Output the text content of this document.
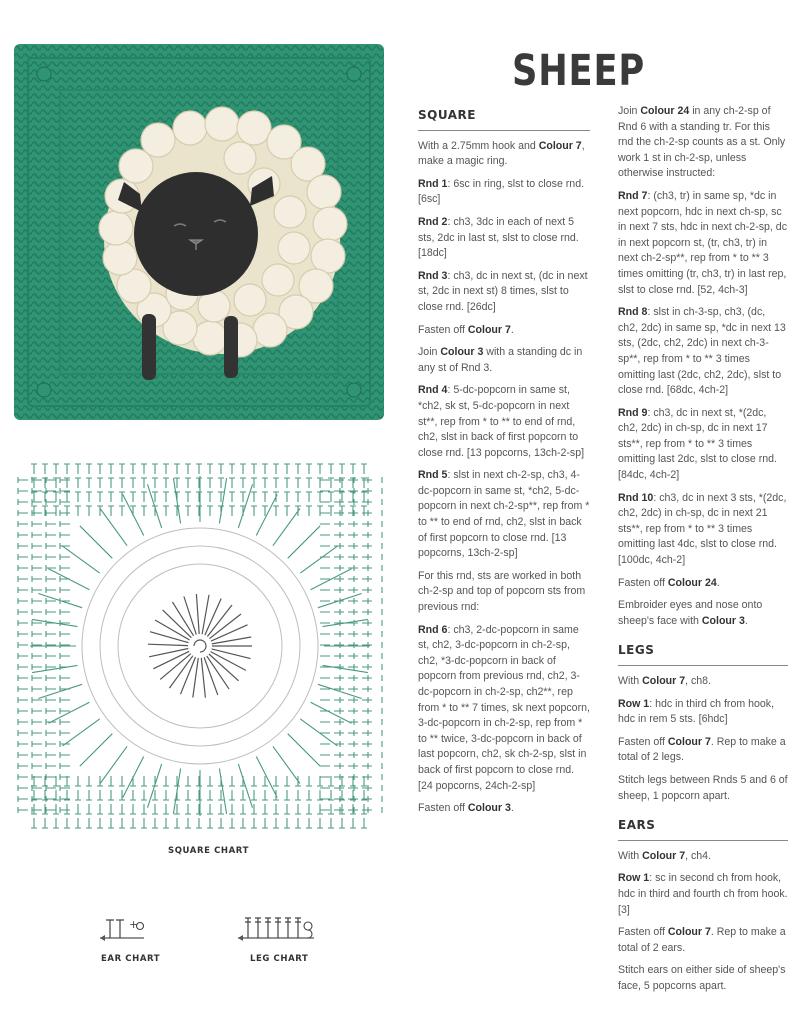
SQUARE CHART
+
EAR CHART	LEG CHART
SHEEP
SQUARE

With a 2.75mm hook and Colour 7, make a magic ring.

Rnd 1: 6sc in ring, slst to close rnd. [6sc]

Rnd 2: ch3, 3dc in each of next 5 sts, 2dc in last st, slst to close rnd. [18dc]

Rnd 3: ch3, dc in next st, (dc in next st, 2dc in next st) 8 times, slst to close rnd. [26dc]

Fasten off Colour 7.

Join Colour 3 with a standing dc in any st of Rnd 3.

Rnd 4: 5-dc-popcorn in same st, *ch2, sk st, 5-dc-popcorn in next st**, rep from * to ** to end of rnd, ch2, slst in back of first popcorn to close rnd. [13 popcorns, 13ch-2-sp]

Rnd 5: slst in next ch-2-sp, ch3, 4-dc-popcorn in same st, *ch2, 5-dc-popcorn in next ch-2-sp**, rep from * to ** to end of rnd, ch2, slst in back of first popcorn to close rnd. [13 popcorns, 13ch-2-sp]

For this rnd, sts are worked in both ch-2-sp and top of popcorn sts from previous rnd:

Rnd 6: ch3, 2-dc-popcorn in same st, ch2, 3-dc-popcorn in ch-2-sp, ch2, *3-dc-popcorn in back of popcorn from previous rnd, ch2, 3-dc-popcorn in ch-2-sp, ch2**, rep from * to ** 7 times, sk next popcorn, 3-dc-popcorn in ch-2-sp, rep from * to ** twice, 3-dc-popcorn in back of last popcorn, ch2, sk ch-2-sp, slst in back of first popcorn to close rnd. [24 popcorns, 24ch-2-sp]

Fasten off Colour 3.

Join Colour 24 in any ch-2-sp of Rnd 6 with a standing tr. For this rnd the ch-2-sp counts as a st. Only work 1 st in ch-2-sp, unless otherwise instructed:

Rnd 7: (ch3, tr) in same sp, *dc in next popcorn, hdc in next ch-sp, sc in next 7 sts, hdc in next ch-2-sp, dc in next popcorn st, (tr, ch3, tr) in next ch-2-sp**, rep from * to ** 3 times omitting (tr, ch3, tr) in last rep, slst to close rnd. [52, 4ch-3]

Rnd 8: slst in ch-3-sp, ch3, (dc, ch2, 2dc) in same sp, *dc in next 13 sts, (2dc, ch2, 2dc) in next ch-3-sp**, rep from * to ** 3 times omitting last (2dc, ch2, 2dc), slst to close rnd. [68dc, 4ch-2]

Rnd 9: ch3, dc in next st, *(2dc, ch2, 2dc) in ch-sp, dc in next 17 sts**, rep from * to ** 3 times omitting last 2dc, slst to close rnd. [84dc, 4ch-2]

Rnd 10: ch3, dc in next 3 sts, *(2dc, ch2, 2dc) in ch-sp, dc in next 21 sts**, rep from * to ** 3 times omitting last 4dc, slst to close rnd. [100dc, 4ch-2]

Fasten off Colour 24.

Embroider eyes and nose onto sheep's face with Colour 3.

LEGS

With Colour 7, ch8.

Row 1: hdc in third ch from hook, hdc in rem 5 sts. [6hdc]

Fasten off Colour 7. Rep to make a total of 2 legs.

Stitch legs between Rnds 5 and 6 of sheep, 1 popcorn apart.

EARS

With Colour 7, ch4.

Row 1: sc in second ch from hook, hdc in third and fourth ch from hook. [3]

Fasten off Colour 7. Rep to make a total of 2 ears.

Stitch ears on either side of sheep's face, 5 popcorns apart.
